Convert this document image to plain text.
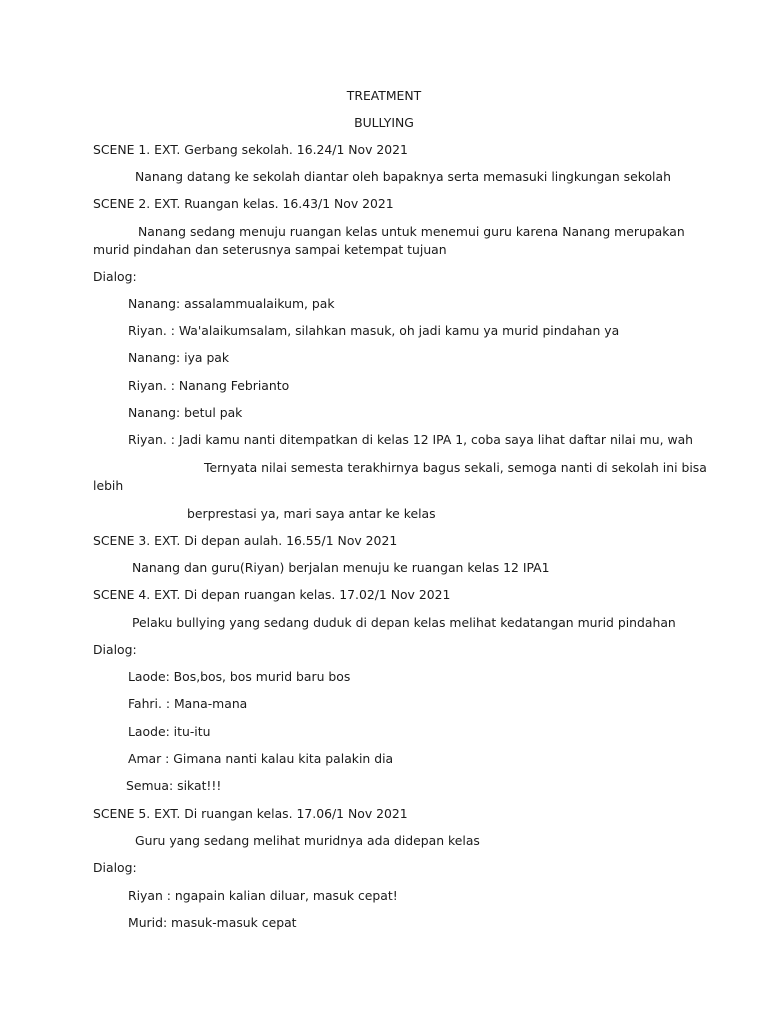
TREATMENT
BULLYING
SCENE 1. EXT. Gerbang sekolah. 16.24/1 Nov 2021
Nanang datang ke sekolah diantar oleh bapaknya serta memasuki lingkungan sekolah
SCENE 2. EXT. Ruangan kelas. 16.43/1 Nov 2021
Nanang sedang menuju ruangan kelas untuk menemui guru karena Nanang merupakan
murid pindahan dan seterusnya sampai ketempat tujuan
Dialog:
Nanang: assalammualaikum, pak
Riyan. : Wa'alaikumsalam, silahkan masuk, oh jadi kamu ya murid pindahan ya
Nanang: iya pak
Riyan. : Nanang Febrianto
Nanang: betul pak
Riyan. : Jadi kamu nanti ditempatkan di kelas 12 IPA 1, coba saya lihat daftar nilai mu, wah
Ternyata nilai semesta terakhirnya bagus sekali, semoga nanti di sekolah ini bisa
lebih
berprestasi ya, mari saya antar ke kelas
SCENE 3. EXT. Di depan aulah. 16.55/1 Nov 2021
Nanang dan guru(Riyan) berjalan menuju ke ruangan kelas 12 IPA1
SCENE 4. EXT. Di depan ruangan kelas. 17.02/1 Nov 2021
Pelaku bullying yang sedang duduk di depan kelas melihat kedatangan murid pindahan
Dialog:
Laode: Bos,bos, bos murid baru bos
Fahri. : Mana-mana
Laode: itu-itu
Amar : Gimana nanti kalau kita palakin dia
Semua: sikat!!!
SCENE 5. EXT. Di ruangan kelas. 17.06/1 Nov 2021
Guru yang sedang melihat muridnya ada didepan kelas
Dialog:
Riyan : ngapain kalian diluar, masuk cepat!
Murid: masuk-masuk cepat
